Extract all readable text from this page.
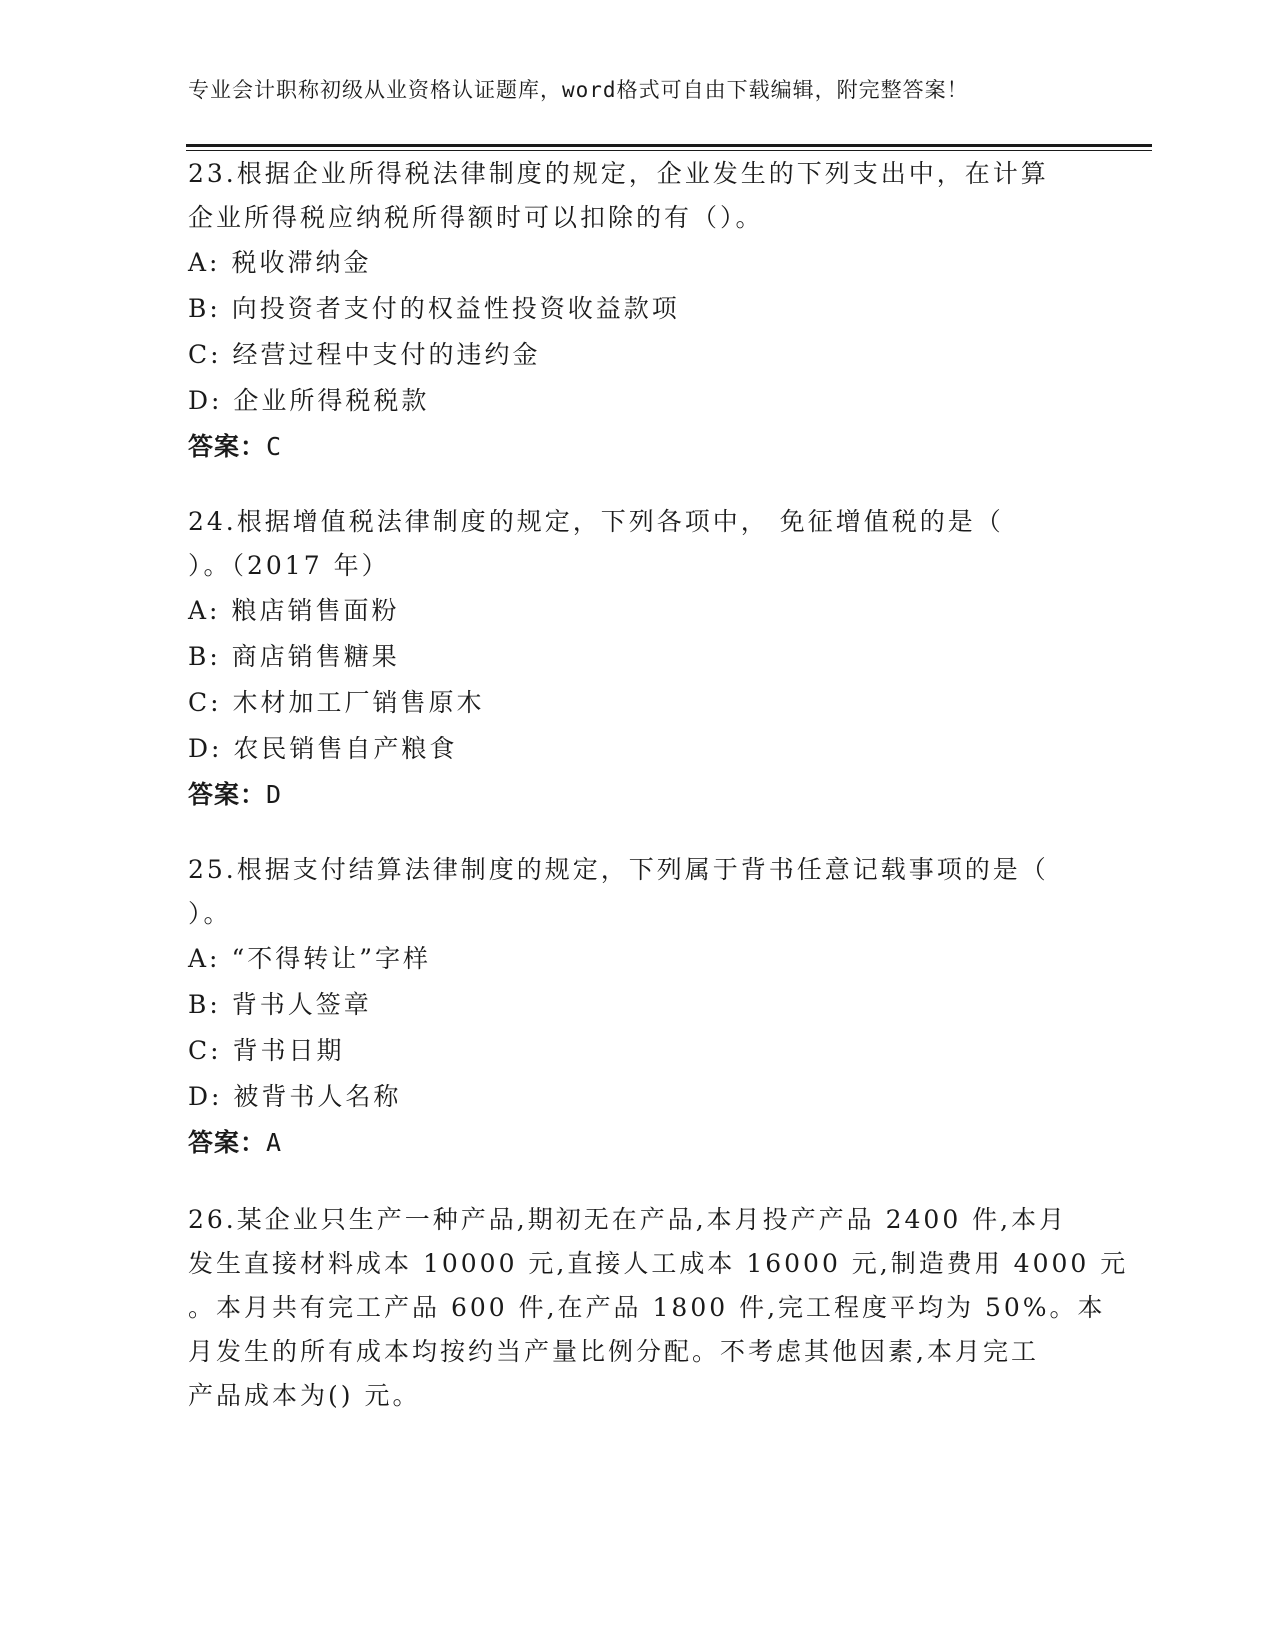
专业会计职称初级从业资格认证题库，word格式可自由下载编辑，附完整答案！
23.根据企业所得税法律制度的规定，企业发生的下列支出中，在计算
企业所得税应纳税所得额时可以扣除的有（）。
A: 税收滞纳金
B: 向投资者支付的权益性投资收益款项
C: 经营过程中支付的违约金
D: 企业所得税税款
答案：C
24.根据增值税法律制度的规定，下列各项中， 免征增值税的是（
）。（2017 年）
A: 粮店销售面粉
B: 商店销售糖果
C: 木材加工厂销售原木
D: 农民销售自产粮食
答案：D
25.根据支付结算法律制度的规定，下列属于背书任意记载事项的是（
）。
A: “不得转让”字样
B: 背书人签章
C: 背书日期
D: 被背书人名称
答案：A
26.某企业只生产一种产品,期初无在产品,本月投产产品 2400 件,本月
发生直接材料成本 10000 元,直接人工成本 16000 元,制造费用 4000 元
。本月共有完工产品 600 件,在产品 1800 件,完工程度平均为 50%。本
月发生的所有成本均按约当产量比例分配。不考虑其他因素,本月完工
产品成本为() 元。
